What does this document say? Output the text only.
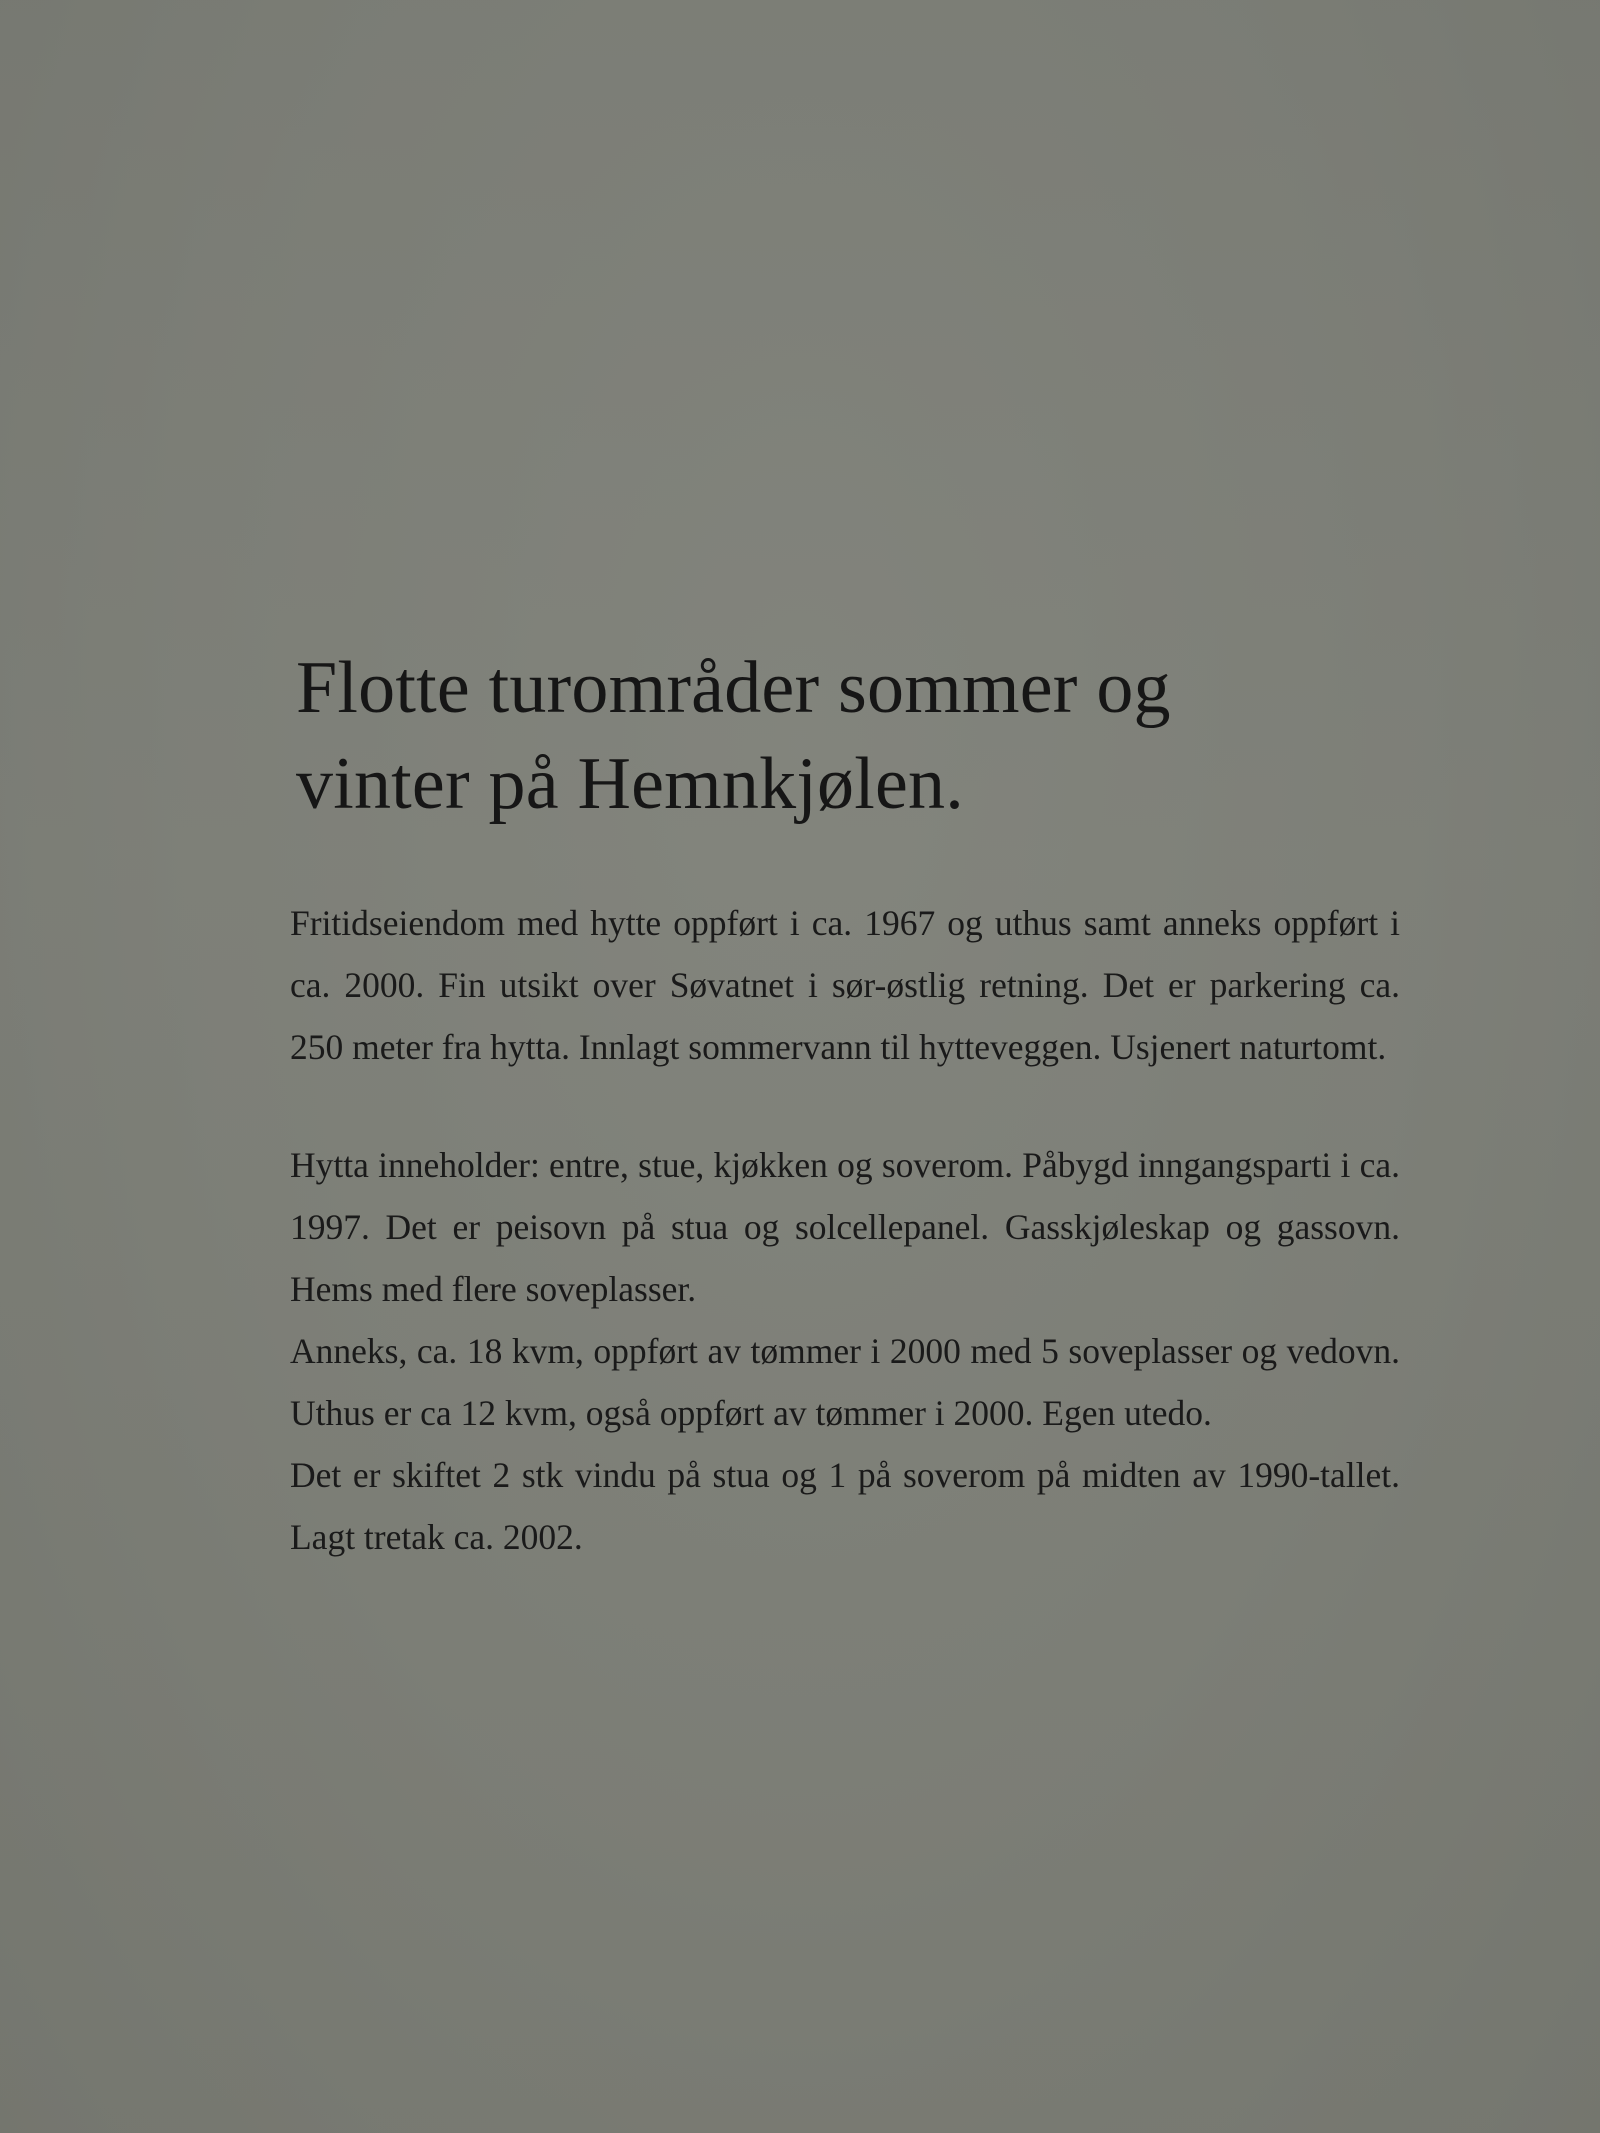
Flotte turområder sommer og
vinter på Hemnkjølen.

Fritidseiendom med hytte oppført i ca. 1967 og uthus samt anneks oppført i ca. 2000. Fin utsikt over Søvatnet i sør-østlig retning. Det er parkering ca. 250 meter fra hytta. Innlagt sommervann til hytteveggen. Usjenert naturtomt.

Hytta inneholder: entre, stue, kjøkken og soverom. Påbygd inngangsparti i ca. 1997. Det er peisovn på stua og solcellepanel. Gasskjøleskap og gassovn. Hems med flere soveplasser.

Anneks, ca. 18 kvm, oppført av tømmer i 2000 med 5 soveplasser og vedovn. Uthus er ca 12 kvm, også oppført av tømmer i 2000. Egen utedo.

Det er skiftet 2 stk vindu på stua og 1 på soverom på midten av 1990-tallet. Lagt tretak ca. 2002.
